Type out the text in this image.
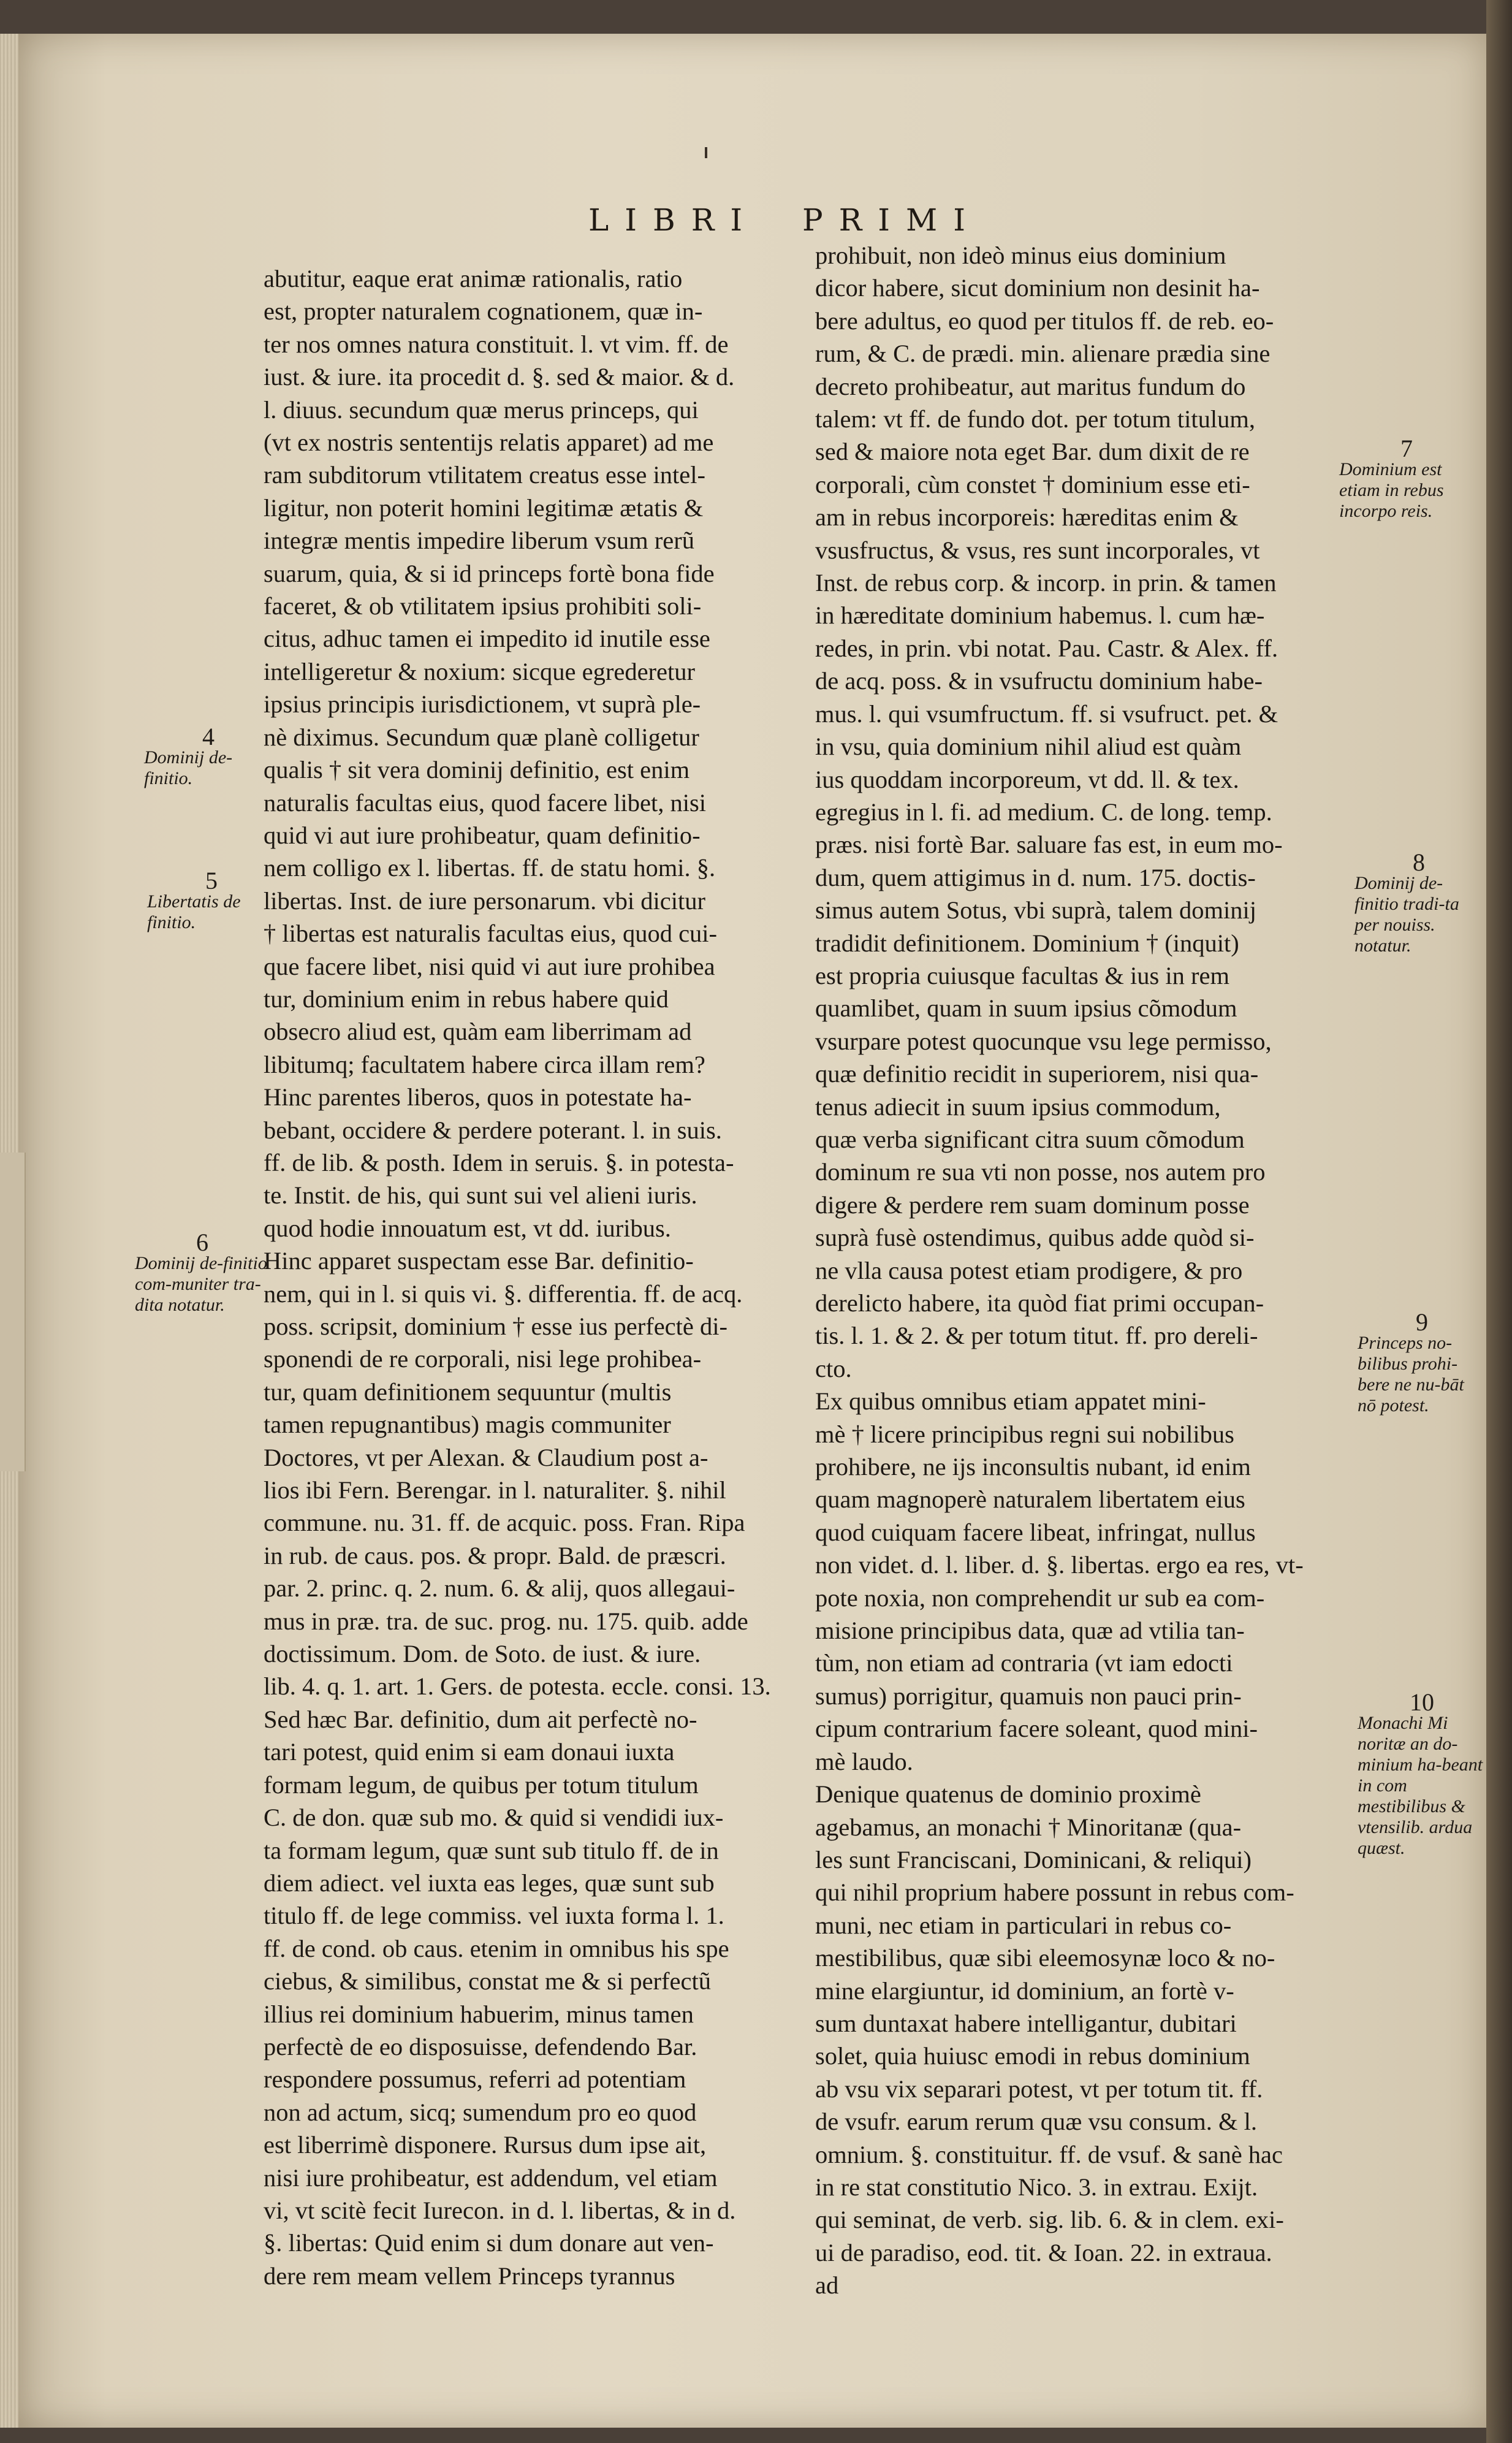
LIBRI PRIMI
abutitur, eaque erat animæ rationalis, ratio
est, propter naturalem cognationem, quæ in-
ter nos omnes natura constituit. l. vt vim. ff. de
iust. & iure. ita procedit d. §. sed & maior. & d.
l. diuus. secundum quæ merus princeps, qui
(vt ex nostris sententijs relatis apparet) ad me
ram subditorum vtilitatem creatus esse intel-
ligitur, non poterit homini legitimæ ætatis &
integræ mentis impedire liberum vsum rerũ
suarum, quia, & si id princeps fortè bona fide
faceret, & ob vtilitatem ipsius prohibiti soli-
citus, adhuc tamen ei impedito id inutile esse
intelligeretur & noxium: sicque egrederetur
ipsius principis iurisdictionem, vt suprà ple-
nè diximus. Secundum quæ planè colligetur
qualis † sit vera dominij definitio, est enim
naturalis facultas eius, quod facere libet, nisi
quid vi aut iure prohibeatur, quam definitio-
nem colligo ex l. libertas. ff. de statu homi. §.
libertas. Inst. de iure personarum. vbi dicitur
† libertas est naturalis facultas eius, quod cui-
que facere libet, nisi quid vi aut iure prohibea
tur, dominium enim in rebus habere quid
obsecro aliud est, quàm eam liberrimam ad
libitumq; facultatem habere circa illam rem?
Hinc parentes liberos, quos in potestate ha-
bebant, occidere & perdere poterant. l. in suis.
ff. de lib. & posth. Idem in seruis. §. in potesta-
te. Instit. de his, qui sunt sui vel alieni iuris.
quod hodie innouatum est, vt dd. iuribus.
Hinc apparet suspectam esse Bar. definitio-
nem, qui in l. si quis vi. §. differentia. ff. de acq.
poss. scripsit, dominium † esse ius perfectè di-
sponendi de re corporali, nisi lege prohibea-
tur, quam definitionem sequuntur (multis
tamen repugnantibus) magis communiter
Doctores, vt per Alexan. & Claudium post a-
lios ibi Fern. Berengar. in l. naturaliter. §. nihil
commune. nu. 31. ff. de acquic. poss. Fran. Ripa
in rub. de caus. pos. & propr. Bald. de præscri.
par. 2. princ. q. 2. num. 6. & alij, quos allegaui-
mus in præ. tra. de suc. prog. nu. 175. quib. adde
doctissimum. Dom. de Soto. de iust. & iure.
lib. 4. q. 1. art. 1. Gers. de potesta. eccle. consi. 13.
Sed hæc Bar. definitio, dum ait perfectè no-
tari potest, quid enim si eam donaui iuxta
formam legum, de quibus per totum titulum
C. de don. quæ sub mo. & quid si vendidi iux-
ta formam legum, quæ sunt sub titulo ff. de in
diem adiect. vel iuxta eas leges, quæ sunt sub
titulo ff. de lege commiss. vel iuxta forma l. 1.
ff. de cond. ob caus. etenim in omnibus his spe
ciebus, & similibus, constat me & si perfectũ
illius rei dominium habuerim, minus tamen
perfectè de eo disposuisse, defendendo Bar.
respondere possumus, referri ad potentiam
non ad actum, sicq; sumendum pro eo quod
est liberrimè disponere. Rursus dum ipse ait,
nisi iure prohibeatur, est addendum, vel etiam
vi, vt scitè fecit Iurecon. in d. l. libertas, & in d.
§. libertas: Quid enim si dum donare aut ven-
dere rem meam vellem Princeps tyrannus
prohibuit, non ideò minus eius dominium
dicor habere, sicut dominium non desinit ha-
bere adultus, eo quod per titulos ff. de reb. eo-
rum, & C. de prædi. min. alienare prædia sine
decreto prohibeatur, aut maritus fundum do
talem: vt ff. de fundo dot. per totum titulum,
sed & maiore nota eget Bar. dum dixit de re
corporali, cùm constet † dominium esse eti-
am in rebus incorporeis: hæreditas enim &
vsusfructus, & vsus, res sunt incorporales, vt
Inst. de rebus corp. & incorp. in prin. & tamen
in hæreditate dominium habemus. l. cum hæ-
redes, in prin. vbi notat. Pau. Castr. & Alex. ff.
de acq. poss. & in vsufructu dominium habe-
mus. l. qui vsumfructum. ff. si vsufruct. pet. &
in vsu, quia dominium nihil aliud est quàm
ius quoddam incorporeum, vt dd. ll. & tex.
egregius in l. fi. ad medium. C. de long. temp.
præs. nisi fortè Bar. saluare fas est, in eum mo-
dum, quem attigimus in d. num. 175. doctis-
simus autem Sotus, vbi suprà, talem dominij
tradidit definitionem. Dominium † (inquit)
est propria cuiusque facultas & ius in rem
quamlibet, quam in suum ipsius cõmodum
vsurpare potest quocunque vsu lege permisso,
quæ definitio recidit in superiorem, nisi qua-
tenus adiecit in suum ipsius commodum,
quæ verba significant citra suum cõmodum
dominum re sua vti non posse, nos autem pro
digere & perdere rem suam dominum posse
suprà fusè ostendimus, quibus adde quòd si-
ne vlla causa potest etiam prodigere, & pro
derelicto habere, ita quòd fiat primi occupan-
tis. l. 1. & 2. & per totum titut. ff. pro dereli-
cto.
Ex quibus omnibus etiam appatet mini-
mè † licere principibus regni sui nobilibus
prohibere, ne ijs inconsultis nubant, id enim
quam magnoperè naturalem libertatem eius
quod cuiquam facere libeat, infringat, nullus
non videt. d. l. liber. d. §. libertas. ergo ea res, vt-
pote noxia, non comprehendit ur sub ea com-
misione principibus data, quæ ad vtilia tan-
tùm, non etiam ad contraria (vt iam edocti
sumus) porrigitur, quamuis non pauci prin-
cipum contrarium facere soleant, quod mini-
mè laudo.
Denique quatenus de dominio proximè
agebamus, an monachi † Minoritanæ (qua-
les sunt Franciscani, Dominicani, & reliqui)
qui nihil proprium habere possunt in rebus com-
muni, nec etiam in particulari in rebus co-
mestibilibus, quæ sibi eleemosynæ loco & no-
mine elargiuntur, id dominium, an fortè v-
sum duntaxat habere intelligantur, dubitari
solet, quia huiusc emodi in rebus dominium
ab vsu vix separari potest, vt per totum tit. ff.
de vsufr. earum rerum quæ vsu consum. & l.
omnium. §. constituitur. ff. de vsuf. & sanè hac
in re stat constitutio Nico. 3. in extrau. Exijt.
qui seminat, de verb. sig. lib. 6. & in clem. exi-
ui de paradiso, eod. tit. & Ioan. 22. in extraua.
ad
4
Dominij de-finitio.
5
Libertatis de finitio.
6
Dominij de-finitio com-muniter tra-dita notatur.
7
Dominium est etiam in rebus incorpo reis.
8
Dominij de-finitio tradi-ta per nouiss. notatur.
9
Princeps no-bilibus prohi-bere ne nu-bāt nō potest.
10
Monachi Mi noritæ an do-minium ha-beant in com mestibilibus & vtensilib. ardua quæst.
